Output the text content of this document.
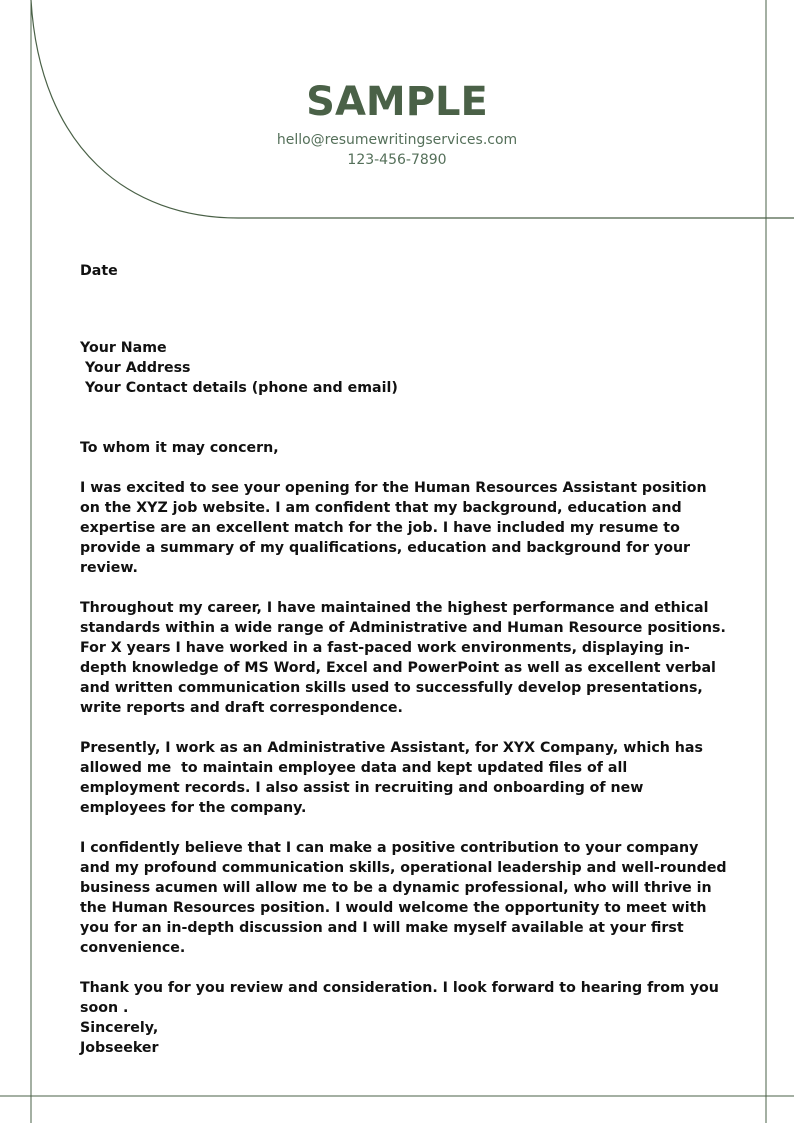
SAMPLE
hello@resumewritingservices.com
123-456-7890

Date

Your Name

Your Address

Your Contact details (phone and email)

To whom it may concern,

I was excited to see your opening for the Human Resources Assistant position on the XYZ job website. I am confident that my background, education and expertise are an excellent match for the job. I have included my resume to provide a summary of my qualifications, education and background for your review.

Throughout my career, I have maintained the highest performance and ethical standards within a wide range of Administrative and Human Resource positions.  For X years I have worked in a fast-paced work environments, displaying in-depth knowledge of MS Word, Excel and PowerPoint as well as excellent verbal and written communication skills used to successfully develop presentations, write reports and draft correspondence.

Presently, I work as an Administrative Assistant, for XYX Company, which has allowed me  to maintain employee data and kept updated files of all employment records. I also assist in recruiting and onboarding of new employees for the company.

I confidently believe that I can make a positive contribution to your company and my profound communication skills, operational leadership and well-rounded business acumen will allow me to be a dynamic professional, who will thrive in the Human Resources position. I would welcome the opportunity to meet with you for an in-depth discussion and I will make myself available at your first convenience.

Thank you for you review and consideration. I look forward to hearing from you soon .

Sincerely,

Jobseeker
